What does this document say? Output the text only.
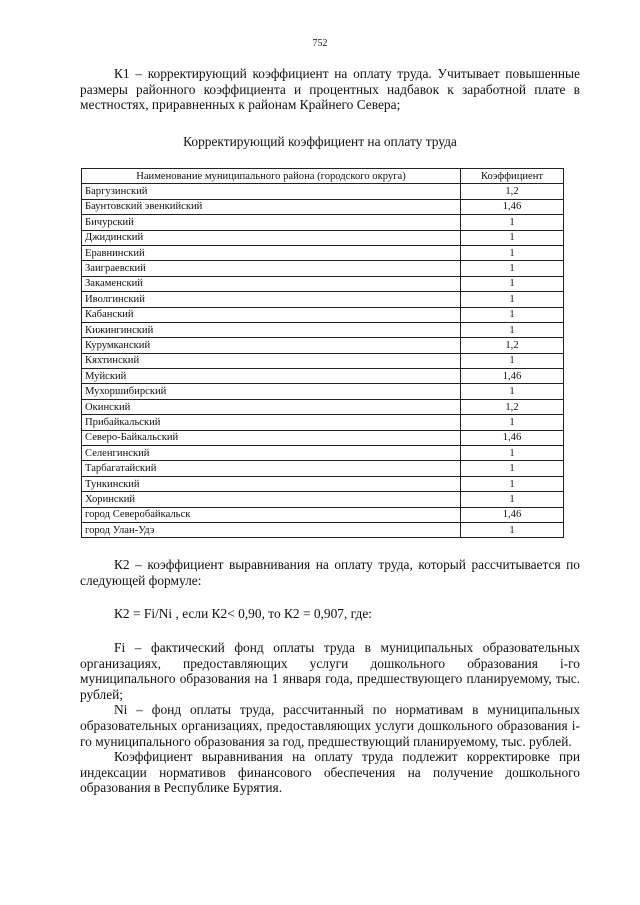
752

К1 – корректирующий коэффициент на оплату труда. Учитывает повышенные размеры районного коэффициента и процентных надбавок к заработной плате в местностях, приравненных к районам Крайнего Севера;

Корректирующий коэффициент на оплату труда
Наименование муниципального района (городского округа)	Коэффициент
Баргузинский	1,2
Баунтовский эвенкийский	1,46
Бичурский	1
Джидинский	1
Еравнинский	1
Заиграевский	1
Закаменский	1
Иволгинский	1
Кабанский	1
Кижингинский	1
Курумканский	1,2
Кяхтинский	1
Муйский	1,46
Мухоршибирский	1
Окинский	1,2
Прибайкальский	1
Северо-Байкальский	1,46
Селенгинский	1
Тарбагатайский	1
Тункинский	1
Хоринский	1
город Северобайкальск	1,46
город Улан-Удэ	1

К2 – коэффициент выравнивания на оплату труда, который рассчитывается по следующей формуле:

К2 = Fi/Ni , если К2< 0,90, то К2 = 0,907, где:

Fi – фактический фонд оплаты труда в муниципальных образовательных организациях, предоставляющих услуги дошкольного образования i-го муниципального образования на 1 января года, предшествующего планируемому, тыс. рублей;

Ni – фонд оплаты труда, рассчитанный по нормативам в муниципальных образовательных организациях, предоставляющих услуги дошкольного образования i-го муниципального образования за год, предшествующий планируемому, тыс. рублей.

Коэффициент выравнивания на оплату труда подлежит корректировке при индексации нормативов финансового обеспечения на получение дошкольного образования в Республике Бурятия.
